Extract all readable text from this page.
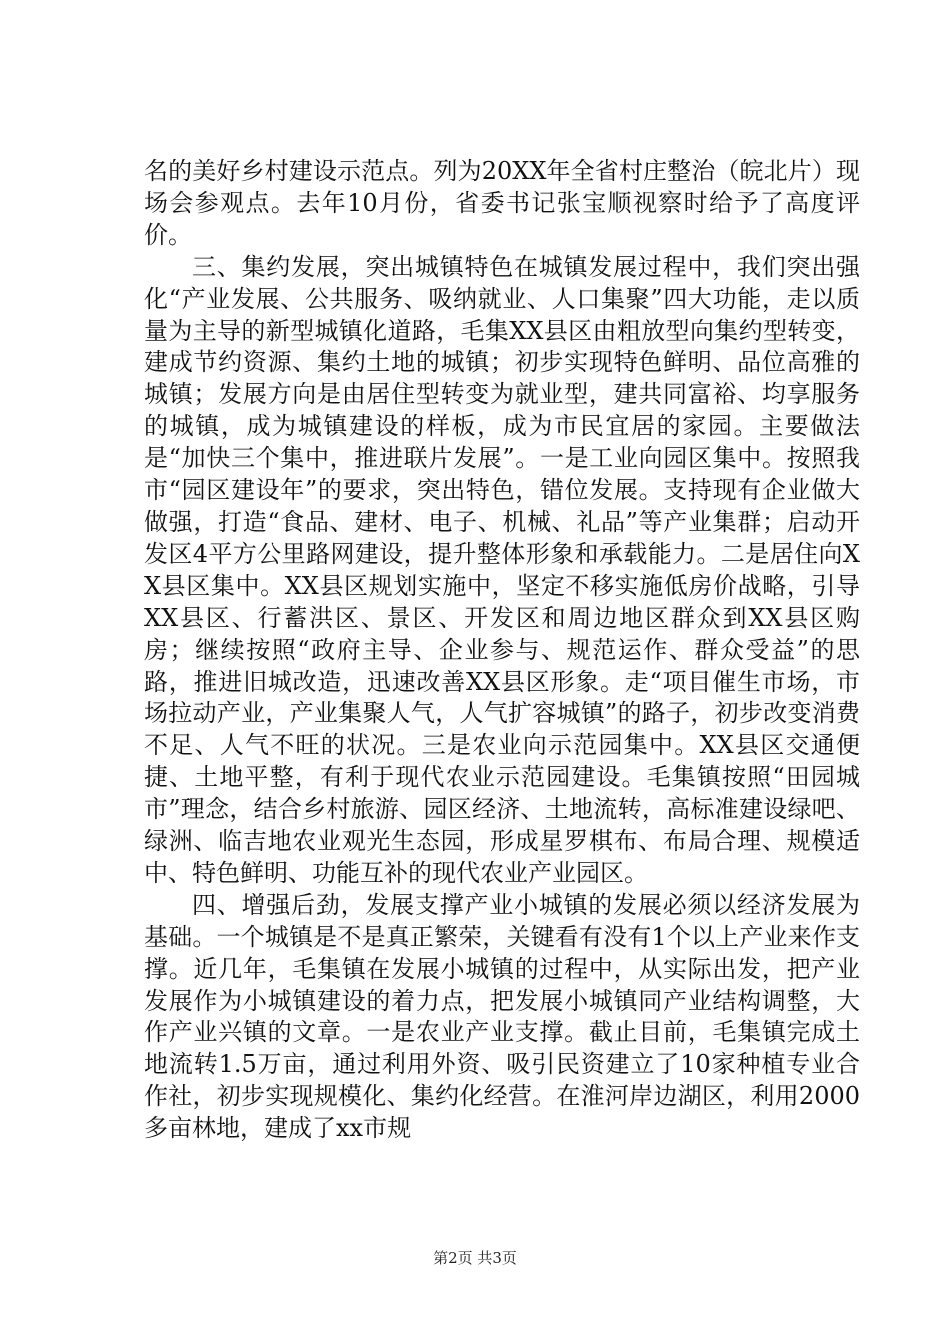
名的美好乡村建设示范点。列为20XX年全省村庄整治（皖北片）现场会参观点。去年10月份，省委书记张宝顺视察时给予了高度评价。

三、集约发展，突出城镇特色在城镇发展过程中，我们突出强化“产业发展、公共服务、吸纳就业、人口集聚”四大功能，走以质量为主导的新型城镇化道路，毛集XX县区由粗放型向集约型转变，建成节约资源、集约土地的城镇；初步实现特色鲜明、品位高雅的城镇；发展方向是由居住型转变为就业型，建共同富裕、均享服务的城镇，成为城镇建设的样板，成为市民宜居的家园。主要做法是“加快三个集中，推进联片发展”。一是工业向园区集中。按照我市“园区建设年”的要求，突出特色，错位发展。支持现有企业做大做强，打造“食品、建材、电子、机械、礼品”等产业集群；启动开发区4平方公里路网建设，提升整体形象和承载能力。二是居住向XX县区集中。XX县区规划实施中，坚定不移实施低房价战略，引导XX县区、行蓄洪区、景区、开发区和周边地区群众到XX县区购房；继续按照“政府主导、企业参与、规范运作、群众受益”的思路，推进旧城改造，迅速改善XX县区形象。走“项目催生市场，市场拉动产业，产业集聚人气，人气扩容城镇”的路子，初步改变消费不足、人气不旺的状况。三是农业向示范园集中。XX县区交通便捷、土地平整，有利于现代农业示范园建设。毛集镇按照“田园城市”理念，结合乡村旅游、园区经济、土地流转，高标准建设绿吧、绿洲、临吉地农业观光生态园，形成星罗棋布、布局合理、规模适中、特色鲜明、功能互补的现代农业产业园区。

四、增强后劲，发展支撑产业小城镇的发展必须以经济发展为基础。一个城镇是不是真正繁荣，关键看有没有1个以上产业来作支撑。近几年，毛集镇在发展小城镇的过程中，从实际出发，把产业发展作为小城镇建设的着力点，把发展小城镇同产业结构调整，大作产业兴镇的文章。一是农业产业支撑。截止目前，毛集镇完成土地流转1.5万亩，通过利用外资、吸引民资建立了10家种植专业合作社，初步实现规模化、集约化经营。在淮河岸边湖区，利用2000多亩林地，建成了xx市规

第2页 共3页
